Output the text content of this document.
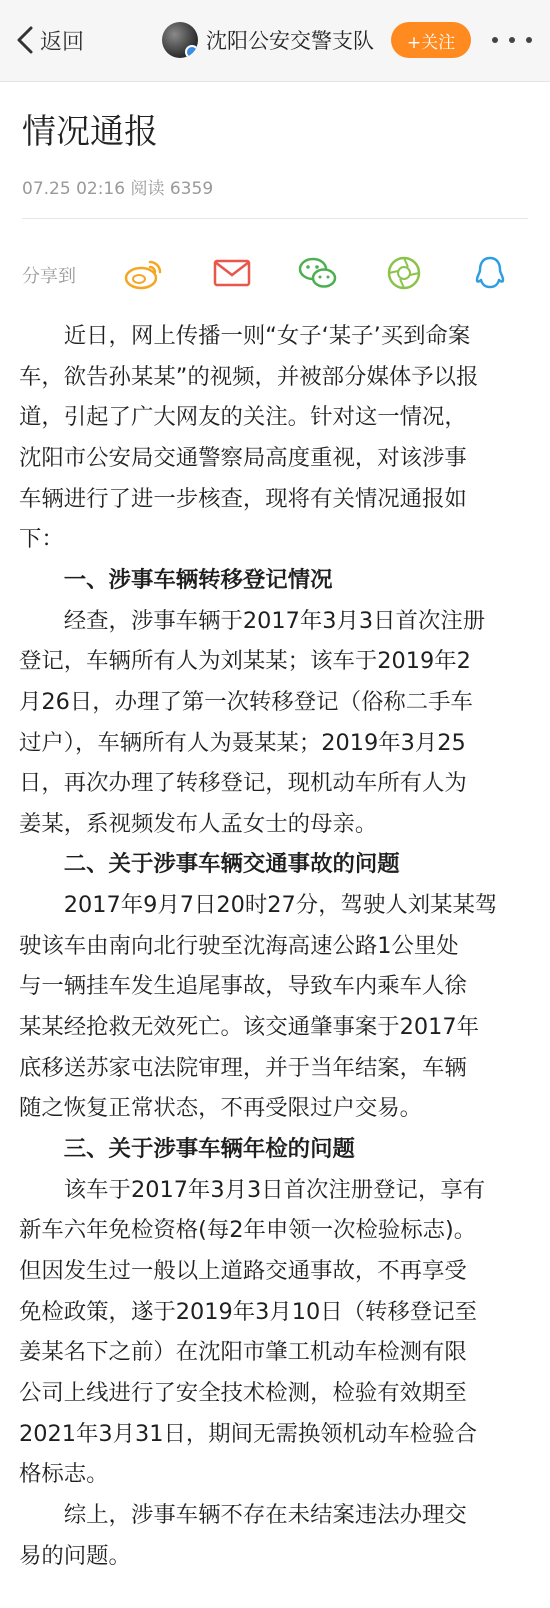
返回	沈阳公安交警支队	+关注
情况通报
07.25 02:16 阅读 6359
分享到
　　近日，网上传播一则“女子‘某子’买到命案
车，欲告孙某某”的视频，并被部分媒体予以报
道，引起了广大网友的关注。针对这一情况，
沈阳市公安局交通警察局高度重视，对该涉事
车辆进行了进一步核查，现将有关情况通报如
下：
　　一、涉事车辆转移登记情况
　　经查，涉事车辆于2017年3月3日首次注册
登记，车辆所有人为刘某某；该车于2019年2
月26日，办理了第一次转移登记（俗称二手车
过户），车辆所有人为聂某某；2019年3月25
日，再次办理了转移登记，现机动车所有人为
姜某，系视频发布人孟女士的母亲。
　　二、关于涉事车辆交通事故的问题
　　2017年9月7日20时27分，驾驶人刘某某驾
驶该车由南向北行驶至沈海高速公路1公里处
与一辆挂车发生追尾事故，导致车内乘车人徐
某某经抢救无效死亡。该交通肇事案于2017年
底移送苏家屯法院审理，并于当年结案，车辆
随之恢复正常状态，不再受限过户交易。
　　三、关于涉事车辆年检的问题
　　该车于2017年3月3日首次注册登记，享有
新车六年免检资格(每2年申领一次检验标志)。
但因发生过一般以上道路交通事故，不再享受
免检政策，遂于2019年3月10日（转移登记至
姜某名下之前）在沈阳市肇工机动车检测有限
公司上线进行了安全技术检测，检验有效期至
2021年3月31日，期间无需换领机动车检验合
格标志。
　　综上，涉事车辆不存在未结案违法办理交
易的问题。
